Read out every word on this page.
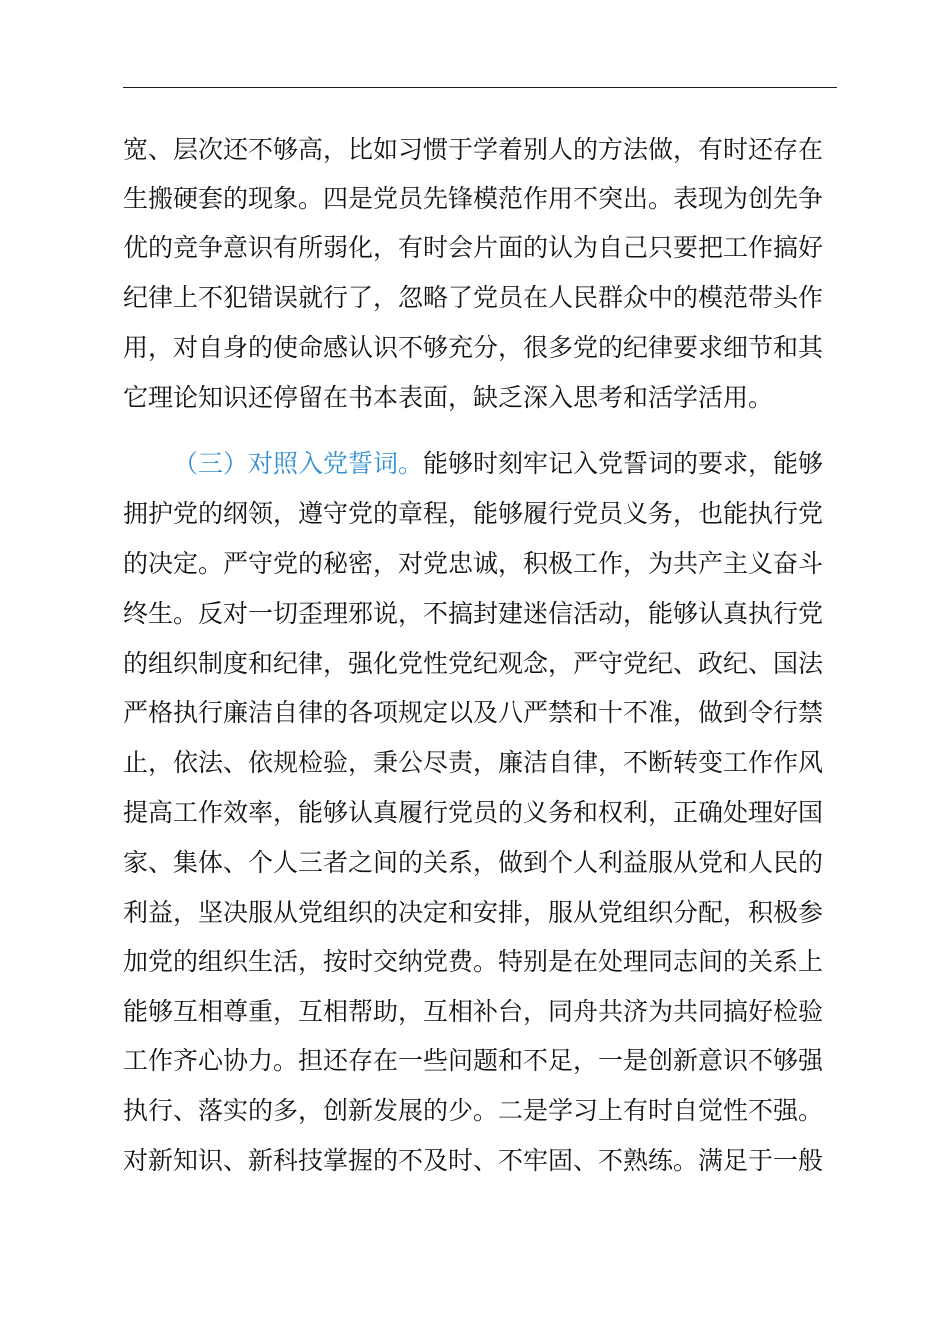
宽、层次还不够高，比如习惯于学着别人的方法做，有时还存在
生搬硬套的现象。四是党员先锋模范作用不突出。表现为创先争
优的竞争意识有所弱化，有时会片面的认为自己只要把工作搞好
纪律上不犯错误就行了，忽略了党员在人民群众中的模范带头作
用，对自身的使命感认识不够充分，很多党的纪律要求细节和其
它理论知识还停留在书本表面，缺乏深入思考和活学活用。
（三）对照入党誓词。能够时刻牢记入党誓词的要求，能够
拥护党的纲领，遵守党的章程，能够履行党员义务，也能执行党
的决定。严守党的秘密，对党忠诚，积极工作，为共产主义奋斗
终生。反对一切歪理邪说，不搞封建迷信活动，能够认真执行党
的组织制度和纪律，强化党性党纪观念，严守党纪、政纪、国法
严格执行廉洁自律的各项规定以及八严禁和十不准，做到令行禁
止，依法、依规检验，秉公尽责，廉洁自律，不断转变工作作风
提高工作效率，能够认真履行党员的义务和权利，正确处理好国
家、集体、个人三者之间的关系，做到个人利益服从党和人民的
利益，坚决服从党组织的决定和安排，服从党组织分配，积极参
加党的组织生活，按时交纳党费。特别是在处理同志间的关系上
能够互相尊重，互相帮助，互相补台，同舟共济为共同搞好检验
工作齐心协力。担还存在一些问题和不足，一是创新意识不够强
执行、落实的多，创新发展的少。二是学习上有时自觉性不强。
对新知识、新科技掌握的不及时、不牢固、不熟练。满足于一般
